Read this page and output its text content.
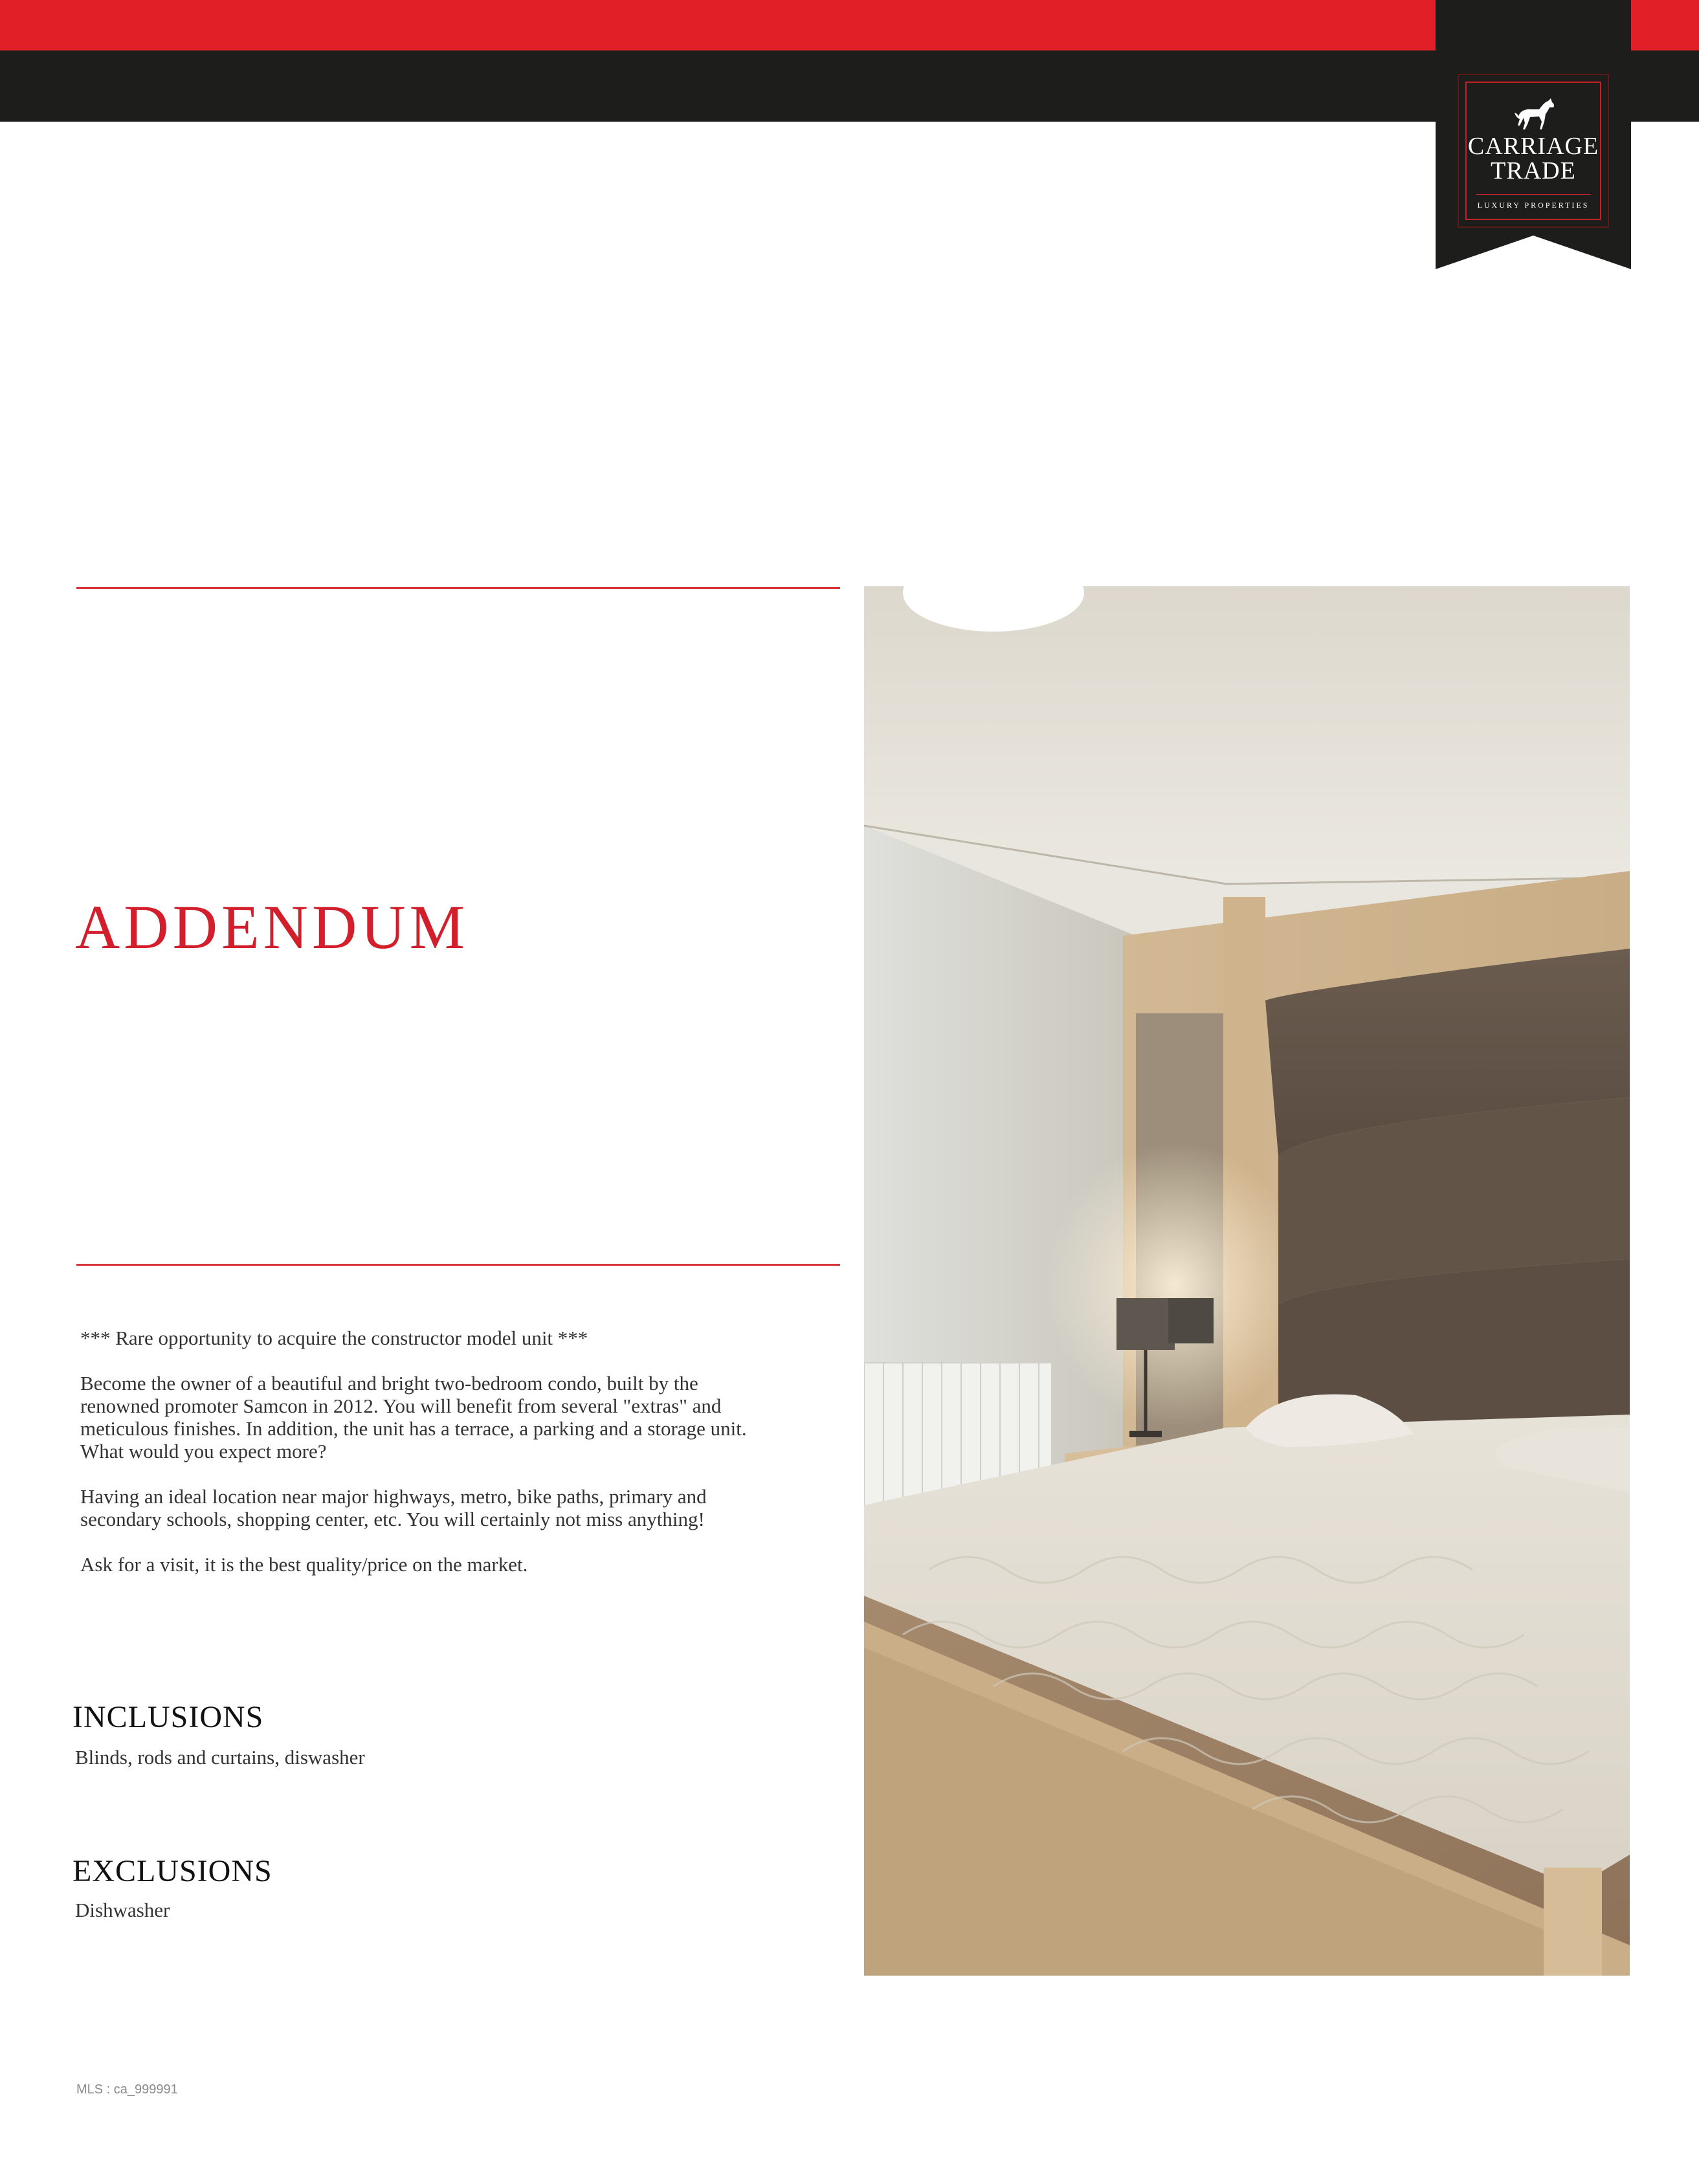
CARRIAGE
TRADE
LUXURY PROPERTIES
ADDENDUM

*** Rare opportunity to acquire the constructor model unit ***

Become the owner of a beautiful and bright two-bedroom condo, built by the
renowned promoter Samcon in 2012. You will benefit from several "extras" and
meticulous finishes. In addition, the unit has a terrace, a parking and a storage unit.
What would you expect more?

Having an ideal location near major highways, metro, bike paths, primary and
secondary schools, shopping center, etc. You will certainly not miss anything!

Ask for a visit, it is the best quality/price on the market.

INCLUSIONS
Blinds, rods and curtains, diswasher
EXCLUSIONS
Dishwasher
MLS : ca_999991
